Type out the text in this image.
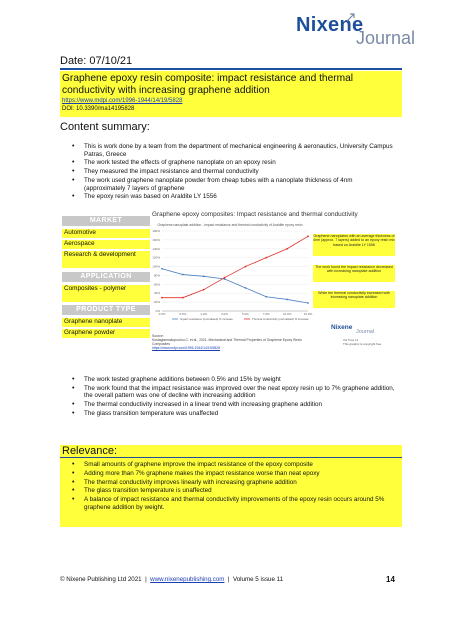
Nixene
Journal
Date: 07/10/21
Graphene epoxy resin composite: impact resistance and thermal conductivity with increasing graphene addition
https://www.mdpi.com/1996-1944/14/19/5828
DOI: 10.3390/ma14195828
Content summary:
• This is work done by a team from the department of mechanical engineering & aeronautics, University Campus Patras, Greece
• The work tested the effects of graphene nanoplate on an epoxy resin
• They measured the impact resistance and thermal conductivity
• The work used graphene nanoplate powder from cheap tubes with a nanoplate thickness of 4nm (approximately 7 layers of graphene
• The epoxy resin was based on Araldite LY 1556
MARKET
Automotive
Aerospace
Research & development
APPLICATION
Composites - polymer
PRODUCT TYPE
Graphene nanoplate
Graphene powder
Graphene epoxy composites: Impact resistance and thermal conductivity
Graphene nanoplate addition - impact resistance and thermal conductivity of Araldite epoxy resin
0%
20%
40%
60%
80%
100%
120%
140%
160%
180%
0.0%	0.5%	1.0%	3.0%	5.0%	7.0%	10.0%	15.0%
Impact resistance (normalised) % increase	Thermal conductivity (normalised) % increase
Graphene nanoplates with an average thickness of 4nm (approx. 7 layers) added to an epoxy resin mix based on Araldite LY 1556
The work found the impact resistance decreased with increasing nanoplate addition
While the thermal conductivity increased with increasing nanoplate addition
Source:
Kostagiannakopoulou C. et al., 2021. Mechanical and Thermal Properties of Graphene Epoxy Resin Composites
https://www.mdpi.com/1996-1944/14/19/5828
Nixene
Journal
Vol 5 iss 11
This graphic is copyright free
• The work tested graphene additions between 0.5% and 15% by weight
• The work found that the impact resistance was improved over the neat epoxy resin up to 7% graphene addition, the overall pattern was one of decline with increasing addition
• The thermal conductivity increased in a linear trend with increasing graphene addition
• The glass transition temperature was unaffected
Relevance:
• Small amounts of graphene improve the impact resistance of the epoxy composite
• Adding more than 7% graphene makes the impact resistance worse than neat epoxy
• The thermal conductivity improves linearly with increasing graphene addition
• The glass transition temperature is unaffected
• A balance of impact resistance and thermal conductivity improvements of the epoxy resin occurs around 5% graphene addition by weight.
© Nixene Publishing Ltd 2021 | www.nixenepublishing.com | Volume 5 issue 11	14
